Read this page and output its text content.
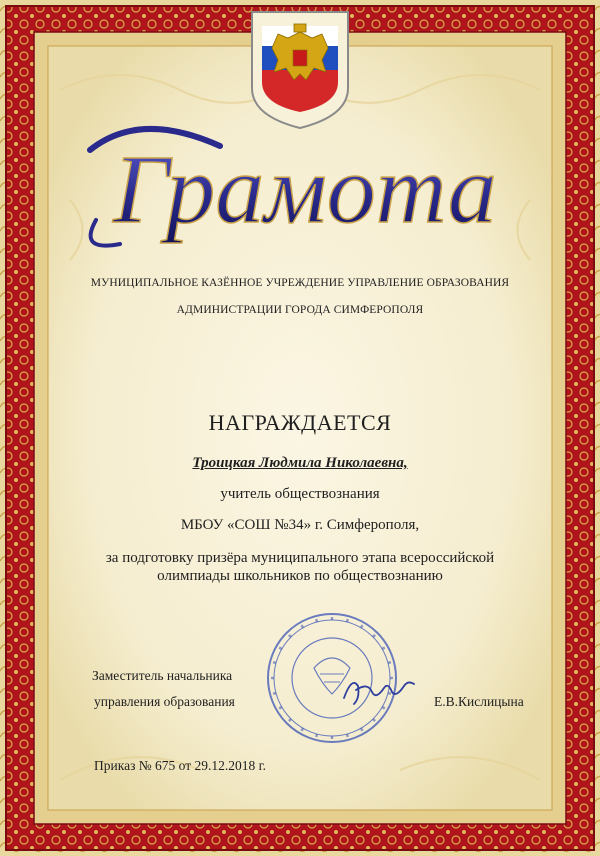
Грамота
МУНИЦИПАЛЬНОЕ КАЗЁННОЕ УЧРЕЖДЕНИЕ УПРАВЛЕНИЕ ОБРАЗОВАНИЯ
АДМИНИСТРАЦИИ ГОРОДА СИМФЕРОПОЛЯ
НАГРАЖДАЕТСЯ
Троицкая Людмила Николаевна,
учитель обществознания
МБОУ «СОШ №34» г. Симферополя,
за подготовку призёра муниципального этапа всероссийской
олимпиады школьников по обществознанию
Заместитель начальника
управления образования	Е.В.Кислицына
Приказ № 675 от 29.12.2018 г.
